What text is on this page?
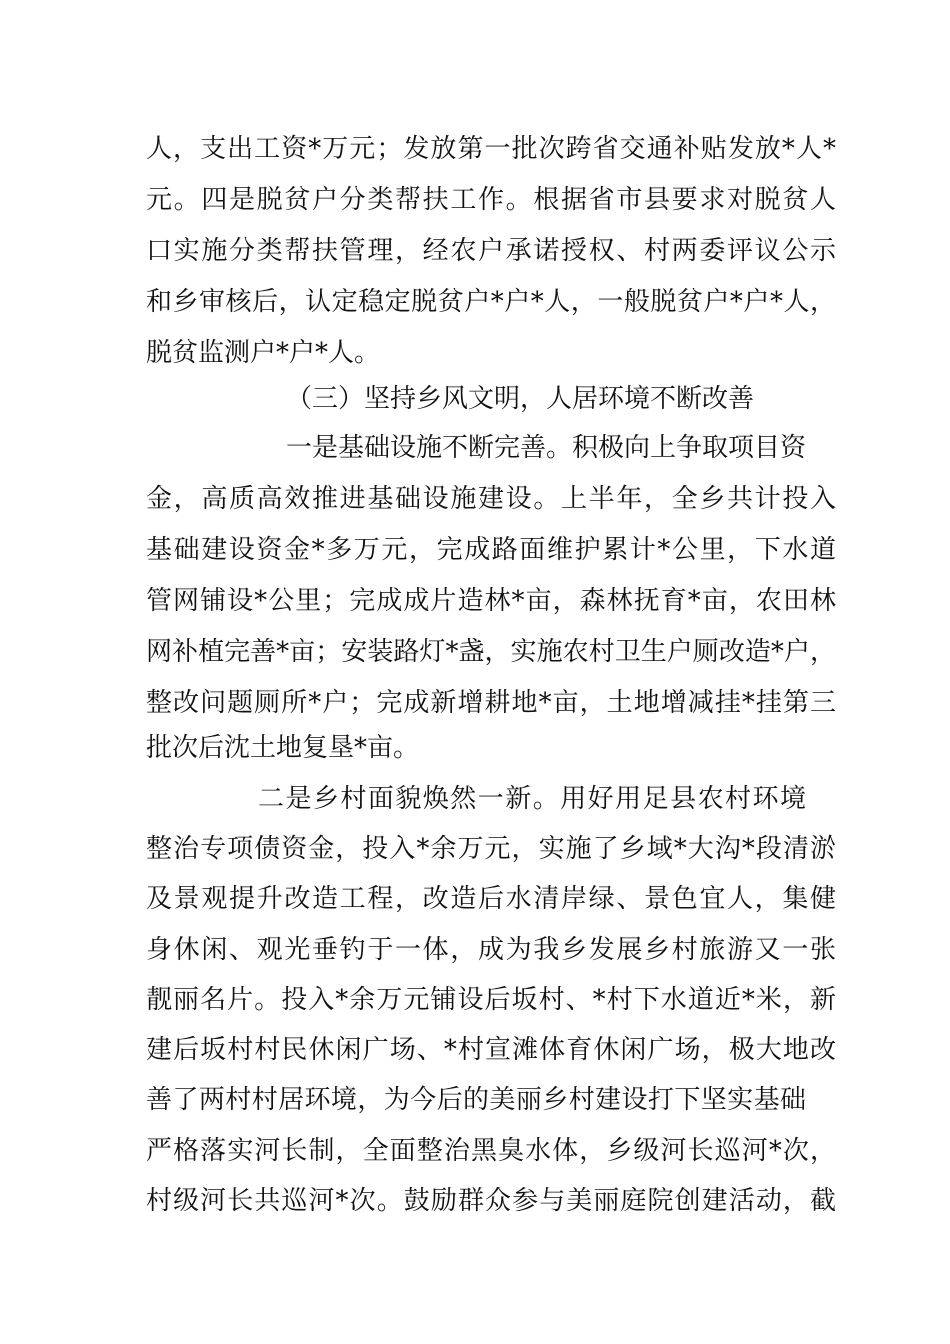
人，支出工资*万元；发放第一批次跨省交通补贴发放*人*
元。四是脱贫户分类帮扶工作。根据省市县要求对脱贫人
口实施分类帮扶管理，经农户承诺授权、村两委评议公示
和乡审核后，认定稳定脱贫户*户*人，一般脱贫户*户*人，
脱贫监测户*户*人。
（三）坚持乡风文明，人居环境不断改善
一是基础设施不断完善。积极向上争取项目资
金，高质高效推进基础设施建设。上半年，全乡共计投入
基础建设资金*多万元，完成路面维护累计*公里，下水道
管网铺设*公里；完成成片造林*亩，森林抚育*亩，农田林
网补植完善*亩；安装路灯*盏，实施农村卫生户厕改造*户，
整改问题厕所*户；完成新增耕地*亩，土地增减挂*挂第三
批次后沈土地复垦*亩。
二是乡村面貌焕然一新。用好用足县农村环境
整治专项债资金，投入*余万元，实施了乡域*大沟*段清淤
及景观提升改造工程，改造后水清岸绿、景色宜人，集健
身休闲、观光垂钓于一体，成为我乡发展乡村旅游又一张
靓丽名片。投入*余万元铺设后坂村、*村下水道近*米，新
建后坂村村民休闲广场、*村宣滩体育休闲广场，极大地改
善了两村村居环境，为今后的美丽乡村建设打下坚实基础
严格落实河长制，全面整治黑臭水体，乡级河长巡河*次，
村级河长共巡河*次。鼓励群众参与美丽庭院创建活动，截
